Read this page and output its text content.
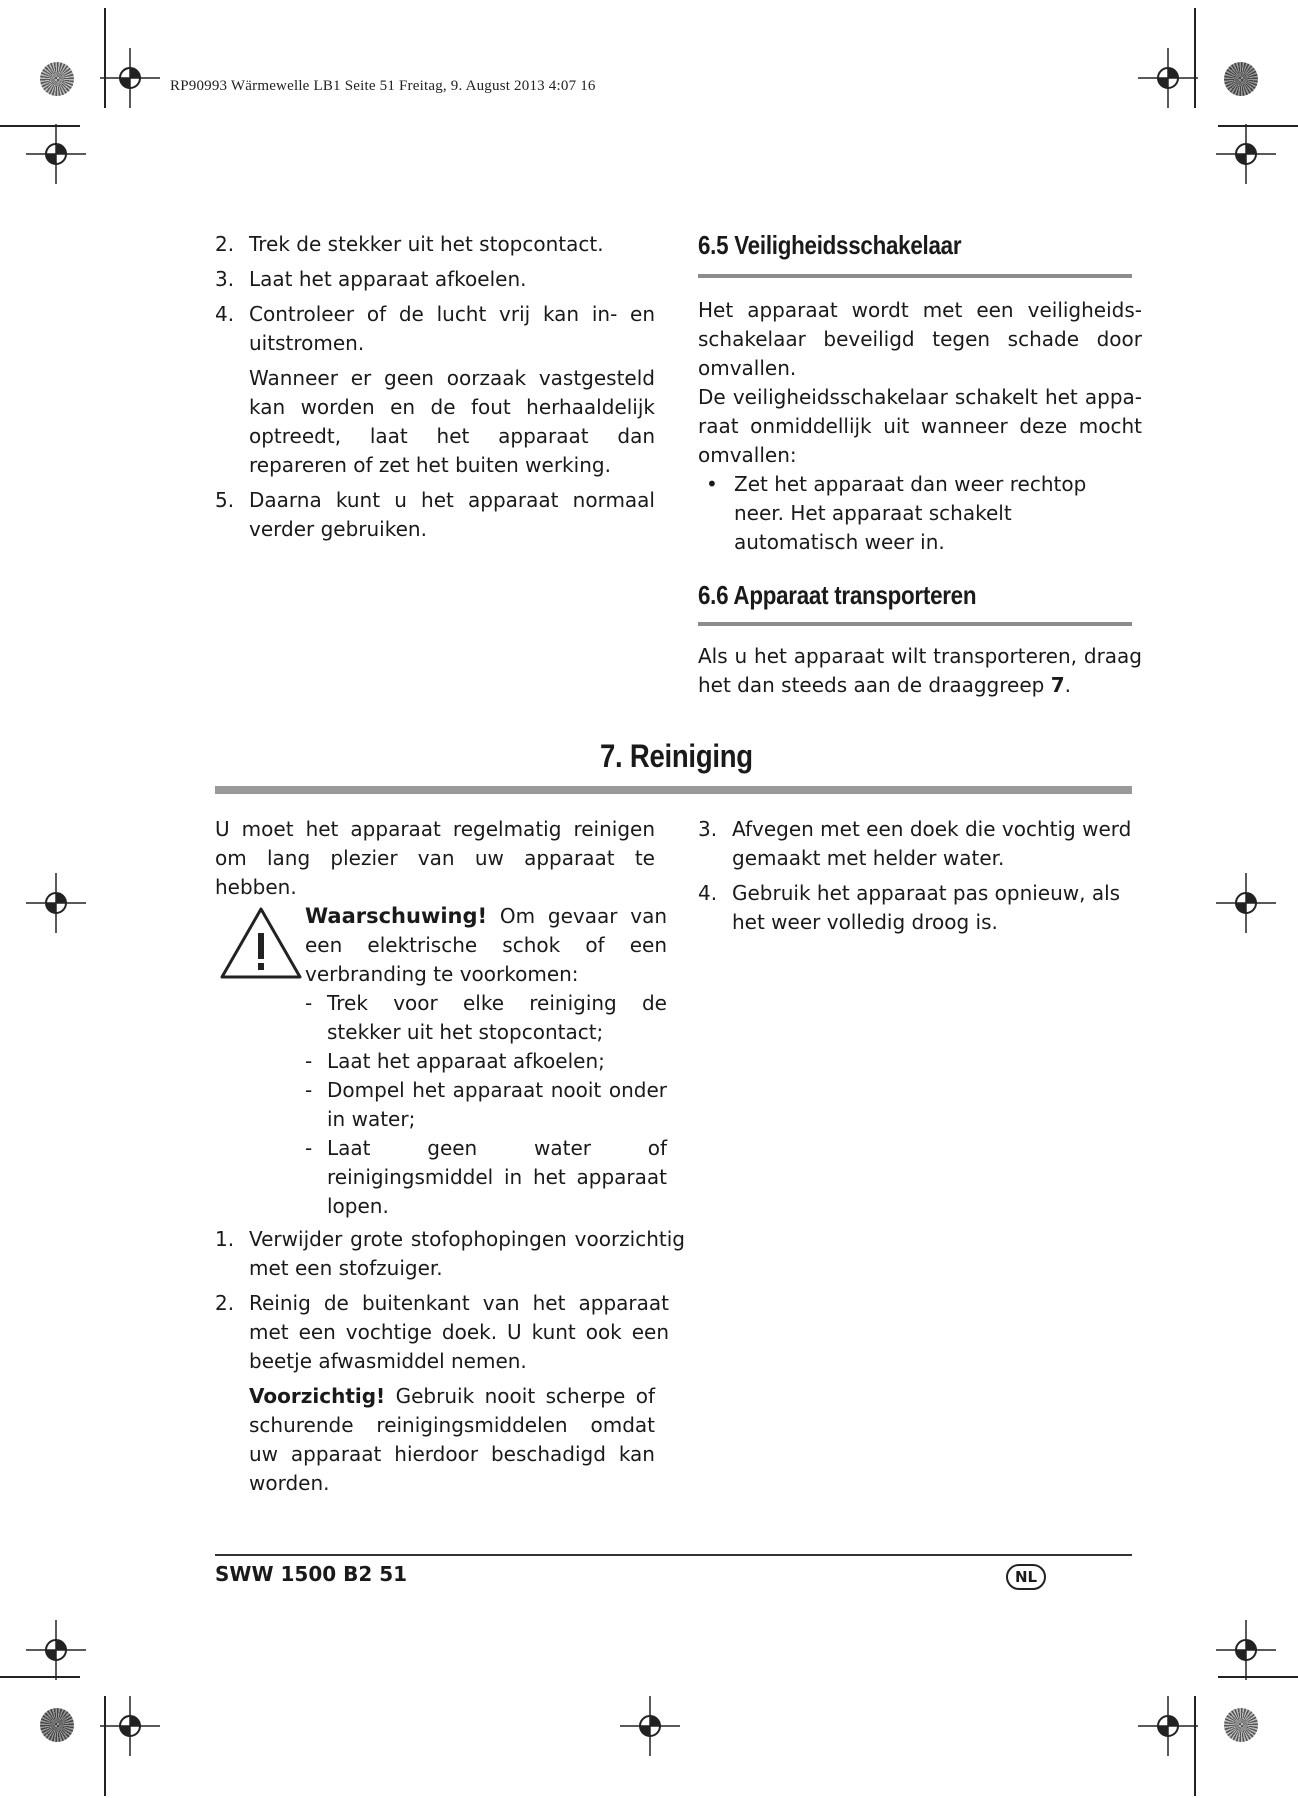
RP90993 Wärmewelle LB1 Seite 51 Freitag, 9. August 2013 4:07 16
2. Trek de stekker uit het stopcontact.
3. Laat het apparaat afkoelen.
4. Controleer of de lucht vrij kan in- en uitstromen.
Wanneer er geen oorzaak vastgesteld kan worden en de fout herhaaldelijk optreedt, laat het apparaat dan repareren of zet het buiten werking.
5. Daarna kunt u het apparaat normaal verder gebruiken.
6.5 Veiligheidsschakelaar
Het apparaat wordt met een veiligheids-schakelaar beveiligd tegen schade door omvallen.
De veiligheidsschakelaar schakelt het appa-raat onmiddellijk uit wanneer deze mocht omvallen:
• Zet het apparaat dan weer rechtop neer. Het apparaat schakelt automatisch weer in.
6.6 Apparaat transporteren
Als u het apparaat wilt transporteren, draag het dan steeds aan de draaggreep 7.
7. Reiniging
U moet het apparaat regelmatig reinigen om lang plezier van uw apparaat te hebben.
Waarschuwing! Om gevaar van een elektrische schok of een verbranding te voorkomen:
- Trek voor elke reiniging de stekker uit het stopcontact;
- Laat het apparaat afkoelen;
- Dompel het apparaat nooit onder in water;
- Laat geen water of reinigingsmiddel in het apparaat lopen.
1. Verwijder grote stofophopingen voorzichtig met een stofzuiger.
2. Reinig de buitenkant van het apparaat met een vochtige doek. U kunt ook een beetje afwasmiddel nemen.
Voorzichtig! Gebruik nooit scherpe of schurende reinigingsmiddelen omdat uw apparaat hierdoor beschadigd kan worden.
3. Afvegen met een doek die vochtig werd gemaakt met helder water.
4. Gebruik het apparaat pas opnieuw, als het weer volledig droog is.
SWW 1500 B2 51	NL
